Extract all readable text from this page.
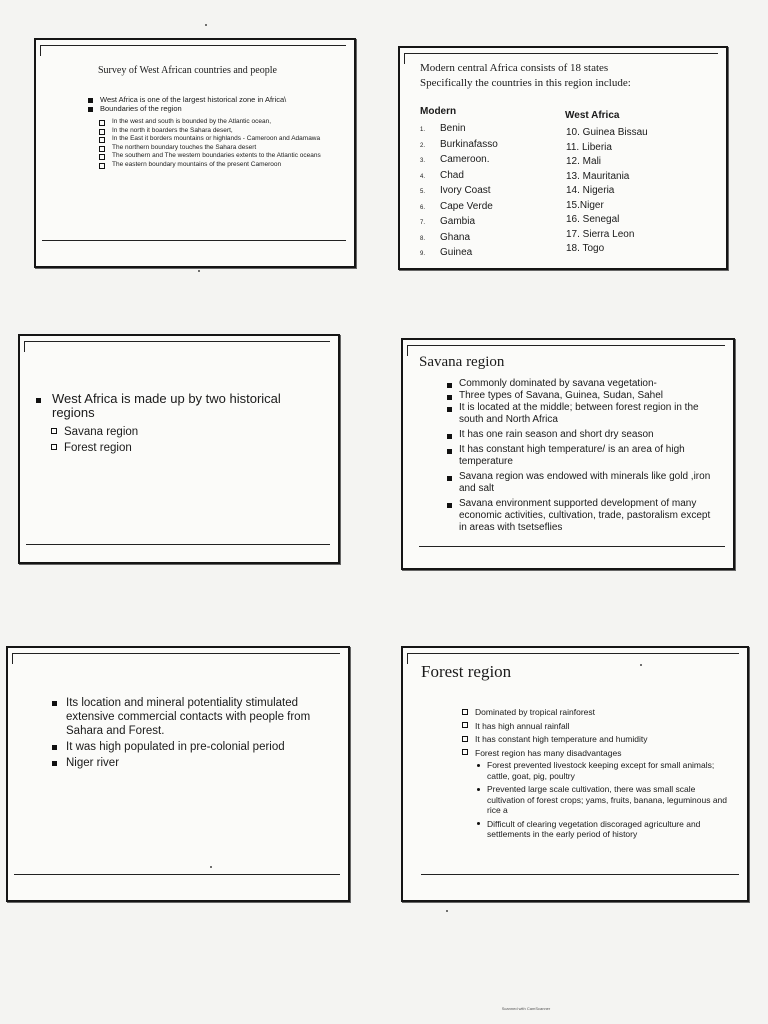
Survey of West African countries and people
West Africa is one of the largest historical zone in Africa\
Boundaries of the region
In the west and south is bounded by the Atlantic ocean,
In the north it boarders the Sahara desert,
In the East it borders mountains or highlands - Cameroon and Adamawa
The northern boundary touches the Sahara desert
The southern and The western boundaries extents to the Atlantic oceans
The eastern boundary mountains of the present Cameroon
Modern central Africa consists of 18 states
Specifically the countries in this region include:
Modern	West Africa
1. Benin
2. Burkinafasso
3. Cameroon.
4. Chad
5. Ivory Coast
6. Cape Verde
7. Gambia
8. Ghana
9. Guinea
10. Guinea Bissau
11. Liberia
12. Mali
13. Mauritania
14. Nigeria
15.Niger
16. Senegal
17. Sierra Leon
18. Togo
West Africa is made up by two historical regions
Savana region
Forest region
Savana region
Commonly dominated by savana vegetation-
Three types of Savana, Guinea, Sudan, Sahel
It is located at the middle; between forest region in the south and North Africa
It has one rain season and short dry season
It has constant high temperature/ is an area of high temperature
Savana region was endowed with minerals like gold ,iron and salt
Savana environment supported development of many economic activities, cultivation, trade, pastoralism except in areas with tsetseflies
Its location and mineral potentiality stimulated extensive commercial contacts with people from Sahara and Forest.
It was high populated in pre-colonial period
Niger river
Forest region
Dominated by tropical rainforest
It has high annual rainfall
It has constant high temperature and humidity
Forest region has many disadvantages
Forest prevented livestock keeping except for small animals; cattle, goat, pig, poultry
Prevented large scale cultivation, there was small scale cultivation of forest crops; yams, fruits, banana, leguminous and rice a
Difficult of clearing vegetation discoraged agriculture and settlements in the early period of history
Scanned with CamScanner
